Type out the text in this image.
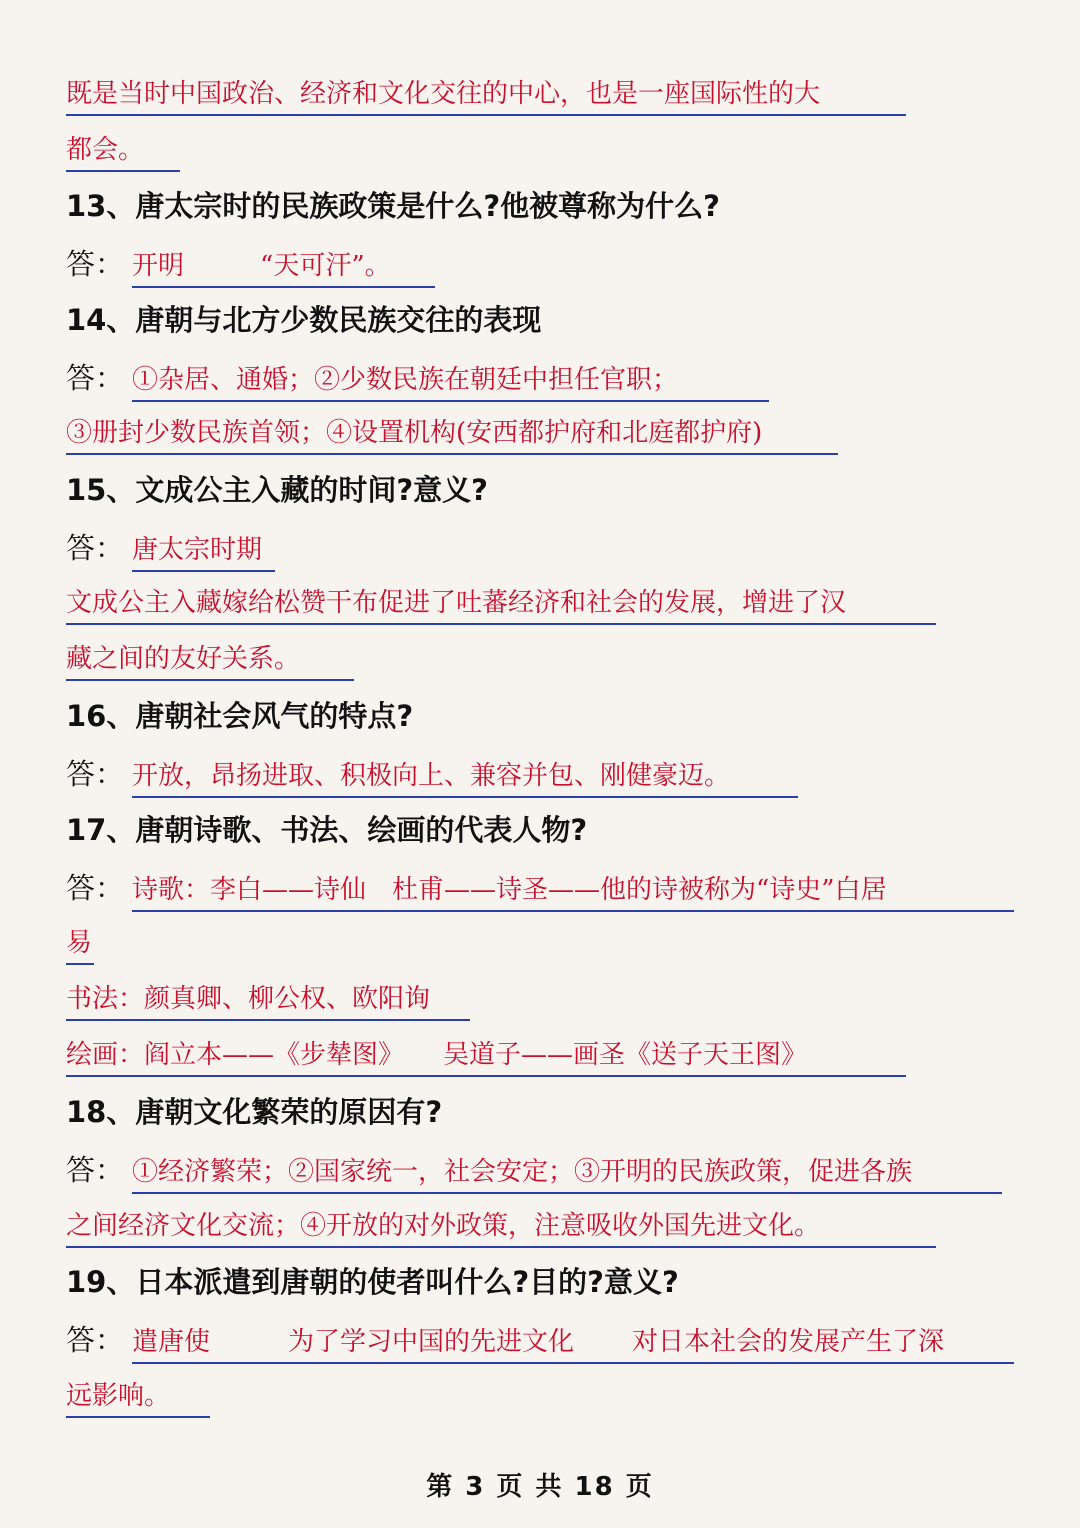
既是当时中国政治、经济和文化交往的中心，也是一座国际性的大
都会。
13、唐太宗时的民族政策是什么?他被尊称为什么?
答： 开明	“天可汗”。
14、唐朝与北方少数民族交往的表现
答： ①杂居、通婚；②少数民族在朝廷中担任官职；
③册封少数民族首领；④设置机构(安西都护府和北庭都护府)
15、文成公主入藏的时间?意义?
答： 唐太宗时期
文成公主入藏嫁给松赞干布促进了吐蕃经济和社会的发展，增进了汉
藏之间的友好关系。
16、唐朝社会风气的特点?
答： 开放，昂扬进取、积极向上、兼容并包、刚健豪迈。
17、唐朝诗歌、书法、绘画的代表人物?
答： 诗歌：李白——诗仙　杜甫——诗圣——他的诗被称为“诗史”白居
易
书法：颜真卿、柳公权、欧阳询
绘画：阎立本——《步辇图》　　吴道子——画圣《送子天王图》
18、唐朝文化繁荣的原因有?
答： ①经济繁荣；②国家统一，社会安定；③开明的民族政策，促进各族
之间经济文化交流；④开放的对外政策，注意吸收外国先进文化。
19、日本派遣到唐朝的使者叫什么?目的?意义?
答： 遣唐使	为了学习中国的先进文化 对日本社会的发展产生了深
远影响。
第 3 页 共 18 页
